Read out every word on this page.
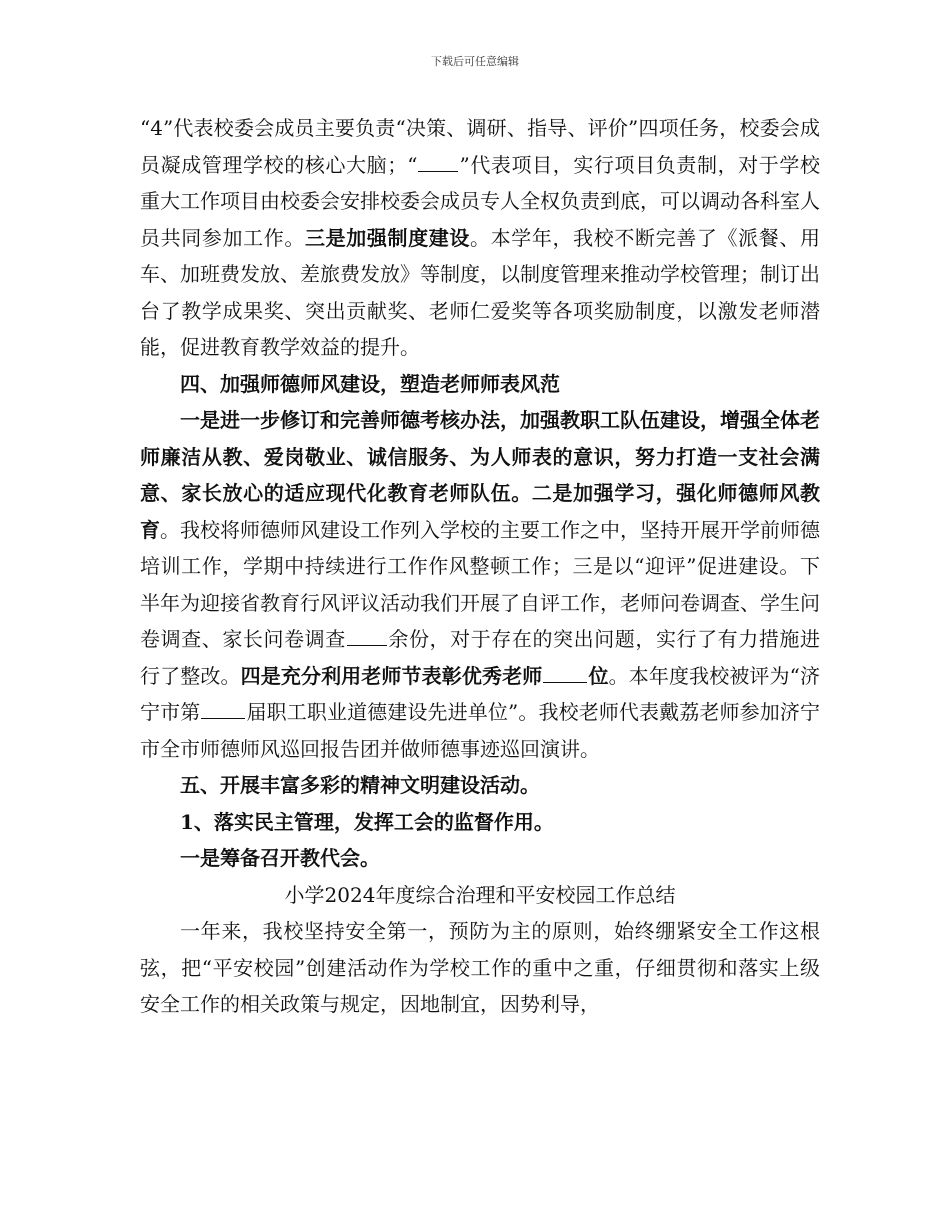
下载后可任意编辑

“4”代表校委会成员主要负责“决策、调研、指导、评价”四项任务，校委会成员凝成管理学校的核心大脑；“ ”代表项目，实行项目负责制，对于学校重大工作项目由校委会安排校委会成员专人全权负责到底，可以调动各科室人员共同参加工作。三是加强制度建设。本学年，我校不断完善了《派餐、用车、加班费发放、差旅费发放》等制度，以制度管理来推动学校管理；制订出台了教学成果奖、突出贡献奖、老师仁爱奖等各项奖励制度，以激发老师潜能，促进教育教学效益的提升。

四、加强师德师风建设，塑造老师师表风范

一是进一步修订和完善师德考核办法，加强教职工队伍建设，增强全体老师廉洁从教、爱岗敬业、诚信服务、为人师表的意识，努力打造一支社会满意、家长放心的适应现代化教育老师队伍。二是加强学习，强化师德师风教育。我校将师德师风建设工作列入学校的主要工作之中，坚持开展开学前师德培训工作，学期中持续进行工作作风整顿工作；三是以“迎评”促进建设。下半年为迎接省教育行风评议活动我们开展了自评工作，老师问卷调查、学生问卷调查、家长问卷调查 余份，对于存在的突出问题，实行了有力措施进行了整改。四是充分利用老师节表彰优秀老师 位。本年度我校被评为“济宁市第 届职工职业道德建设先进单位”。我校老师代表戴荔老师参加济宁市全市师德师风巡回报告团并做师德事迹巡回演讲。

五、开展丰富多彩的精神文明建设活动。

1、落实民主管理，发挥工会的监督作用。

一是筹备召开教代会。

小学2024年度综合治理和平安校园工作总结

一年来，我校坚持安全第一，预防为主的原则，始终绷紧安全工作这根弦，把“平安校园”创建活动作为学校工作的重中之重，仔细贯彻和落实上级安全工作的相关政策与规定，因地制宜，因势利导，
